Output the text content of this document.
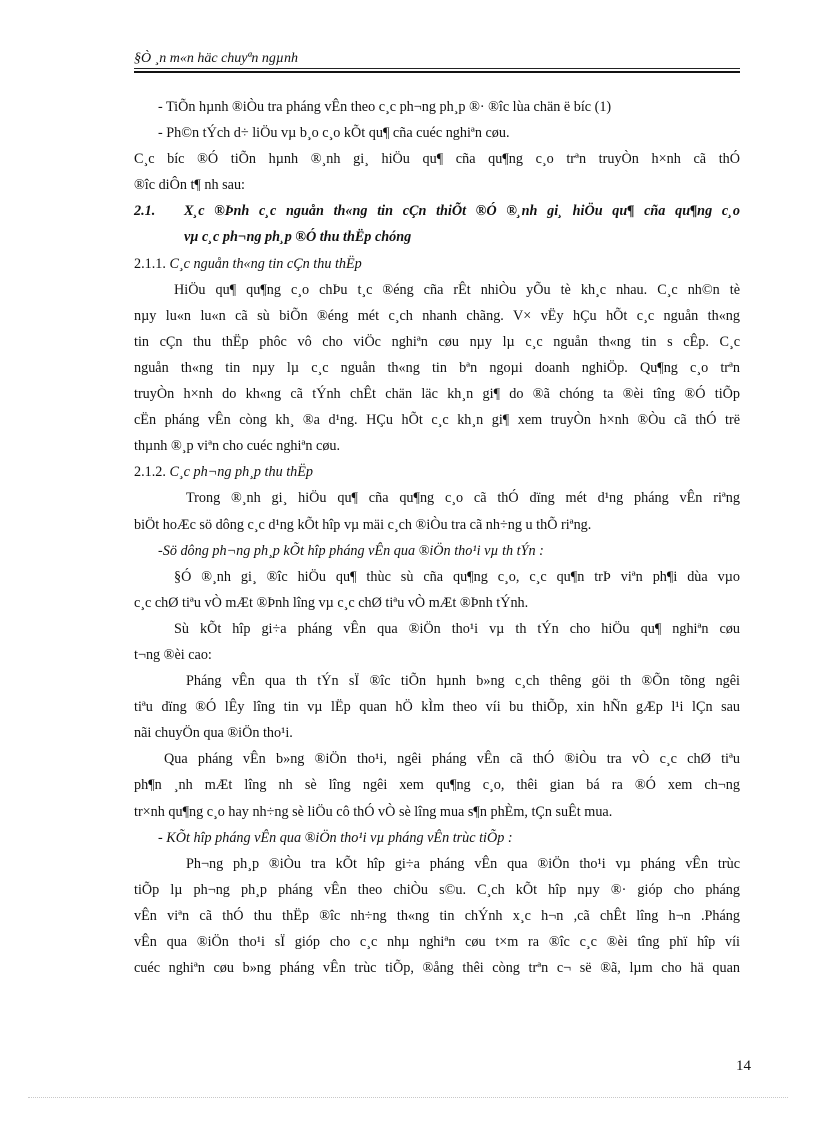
§Ò ¸n m«n häc chuyªn ngµnh

- TiÕn hµnh ®iÒu tra pháng vÊn theo c¸c ph¬ng ph¸p ®· ®îc lùa chän ë bíc (1)

- Ph©n tÝch d÷ liÖu vµ b¸o c¸o kÕt qu¶ cña cuéc nghiªn cøu.

C¸c bíc ®Ó tiÕn hµnh ®¸nh gi¸ hiÖu qu¶ cña qu¶ng c¸o trªn truyÒn h×nh cã thÓ
®îc diÔn t¶ nh sau:

2.1.	X¸c ®Þnh c¸c nguån th«ng tin cÇn thiÕt ®Ó ®¸nh gi¸ hiÖu qu¶ cña qu¶ng c¸o
vµ c¸c ph¬ng ph¸p ®Ó thu thËp chóng

2.1.1. C¸c nguån th«ng tin cÇn thu thËp

HiÖu qu¶ qu¶ng c¸o chÞu t¸c ®éng cña rÊt nhiÒu yÕu tè kh¸c nhau. C¸c nh©n tè
nµy lu«n lu«n cã sù biÕn ®éng mét c¸ch nhanh chãng. V× vËy hÇu hÕt c¸c nguån th«ng
tin cÇn thu thËp phôc vô cho viÖc nghiªn cøu nµy lµ c¸c nguån th«ng tin s cÊp. C¸c
nguån th«ng tin nµy lµ c¸c nguån th«ng tin bªn ngoµi doanh nghiÖp. Qu¶ng c¸o trªn
truyÒn h×nh do kh«ng cã tÝnh chÊt chän läc kh¸n gi¶ do ®ã chóng ta ®èi tîng ®Ó tiÕp
cËn pháng vÊn còng kh¸ ®a d¹ng. HÇu hÕt c¸c kh¸n gi¶ xem truyÒn h×nh ®Òu cã thÓ trë
thµnh ®¸p viªn cho cuéc nghiªn cøu.

2.1.2. C¸c ph¬ng ph¸p thu thËp

Trong ®¸nh gi¸ hiÖu qu¶ cña qu¶ng c¸o cã thÓ dïng mét d¹ng pháng vÊn riªng
biÖt hoÆc sö dông c¸c d¹ng kÕt hîp vµ mäi c¸ch ®iÒu tra cã nh÷ng u thÕ riªng.

-Sö dông ph¬ng ph¸p kÕt hîp pháng vÊn qua ®iÖn tho¹i vµ th tÝn :

§Ó ®¸nh gi¸ ®îc hiÖu qu¶ thùc sù cña qu¶ng c¸o, c¸c qu¶n trÞ viªn ph¶i dùa vµo
c¸c chØ tiªu vÒ mÆt ®Þnh lîng vµ c¸c chØ tiªu vÒ mÆt ®Þnh tÝnh.

Sù kÕt hîp gi÷a pháng vÊn qua ®iÖn tho¹i vµ th tÝn cho hiÖu qu¶ nghiªn cøu
t¬ng ®èi cao:

Pháng vÊn qua th tÝn sÏ ®îc tiÕn hµnh b»ng c¸ch thêng göi th ®Õn tõng ngêi
tiªu dïng ®Ó lÊy lîng tin vµ lËp quan hÖ kÌm theo víi bu thiÕp, xin hÑn gÆp l¹i lÇn sau
nãi chuyÖn qua ®iÖn tho¹i.

Qua pháng vÊn b»ng ®iÖn tho¹i, ngêi pháng vÊn cã thÓ ®iÒu tra vÒ c¸c chØ tiªu
ph¶n ¸nh mÆt lîng nh sè lîng ngêi xem qu¶ng c¸o, thêi gian bá ra ®Ó xem ch¬ng
tr×nh qu¶ng c¸o hay nh÷ng sè liÖu cô thÓ vÒ sè lîng mua s¶n phÈm, tÇn suÊt mua.

- KÕt hîp pháng vÊn qua ®iÖn tho¹i vµ pháng vÊn trùc tiÕp :

Ph¬ng ph¸p ®iÒu tra kÕt hîp gi÷a pháng vÊn qua ®iÖn tho¹i vµ pháng vÊn trùc
tiÕp lµ ph¬ng ph¸p pháng vÊn theo chiÒu s©u. C¸ch kÕt hîp nµy ®· gióp cho pháng
vÊn viªn cã thÓ thu thËp ®îc nh÷ng th«ng tin chÝnh x¸c h¬n ,cã chÊt lîng h¬n .Pháng
vÊn qua ®iÖn tho¹i sÏ gióp cho c¸c nhµ nghiªn cøu t×m ra ®îc c¸c ®èi tîng phï hîp víi
cuéc nghiªn cøu b»ng pháng vÊn trùc tiÕp, ®ång thêi còng trªn c¬ së ®ã, lµm cho hä quan

14
